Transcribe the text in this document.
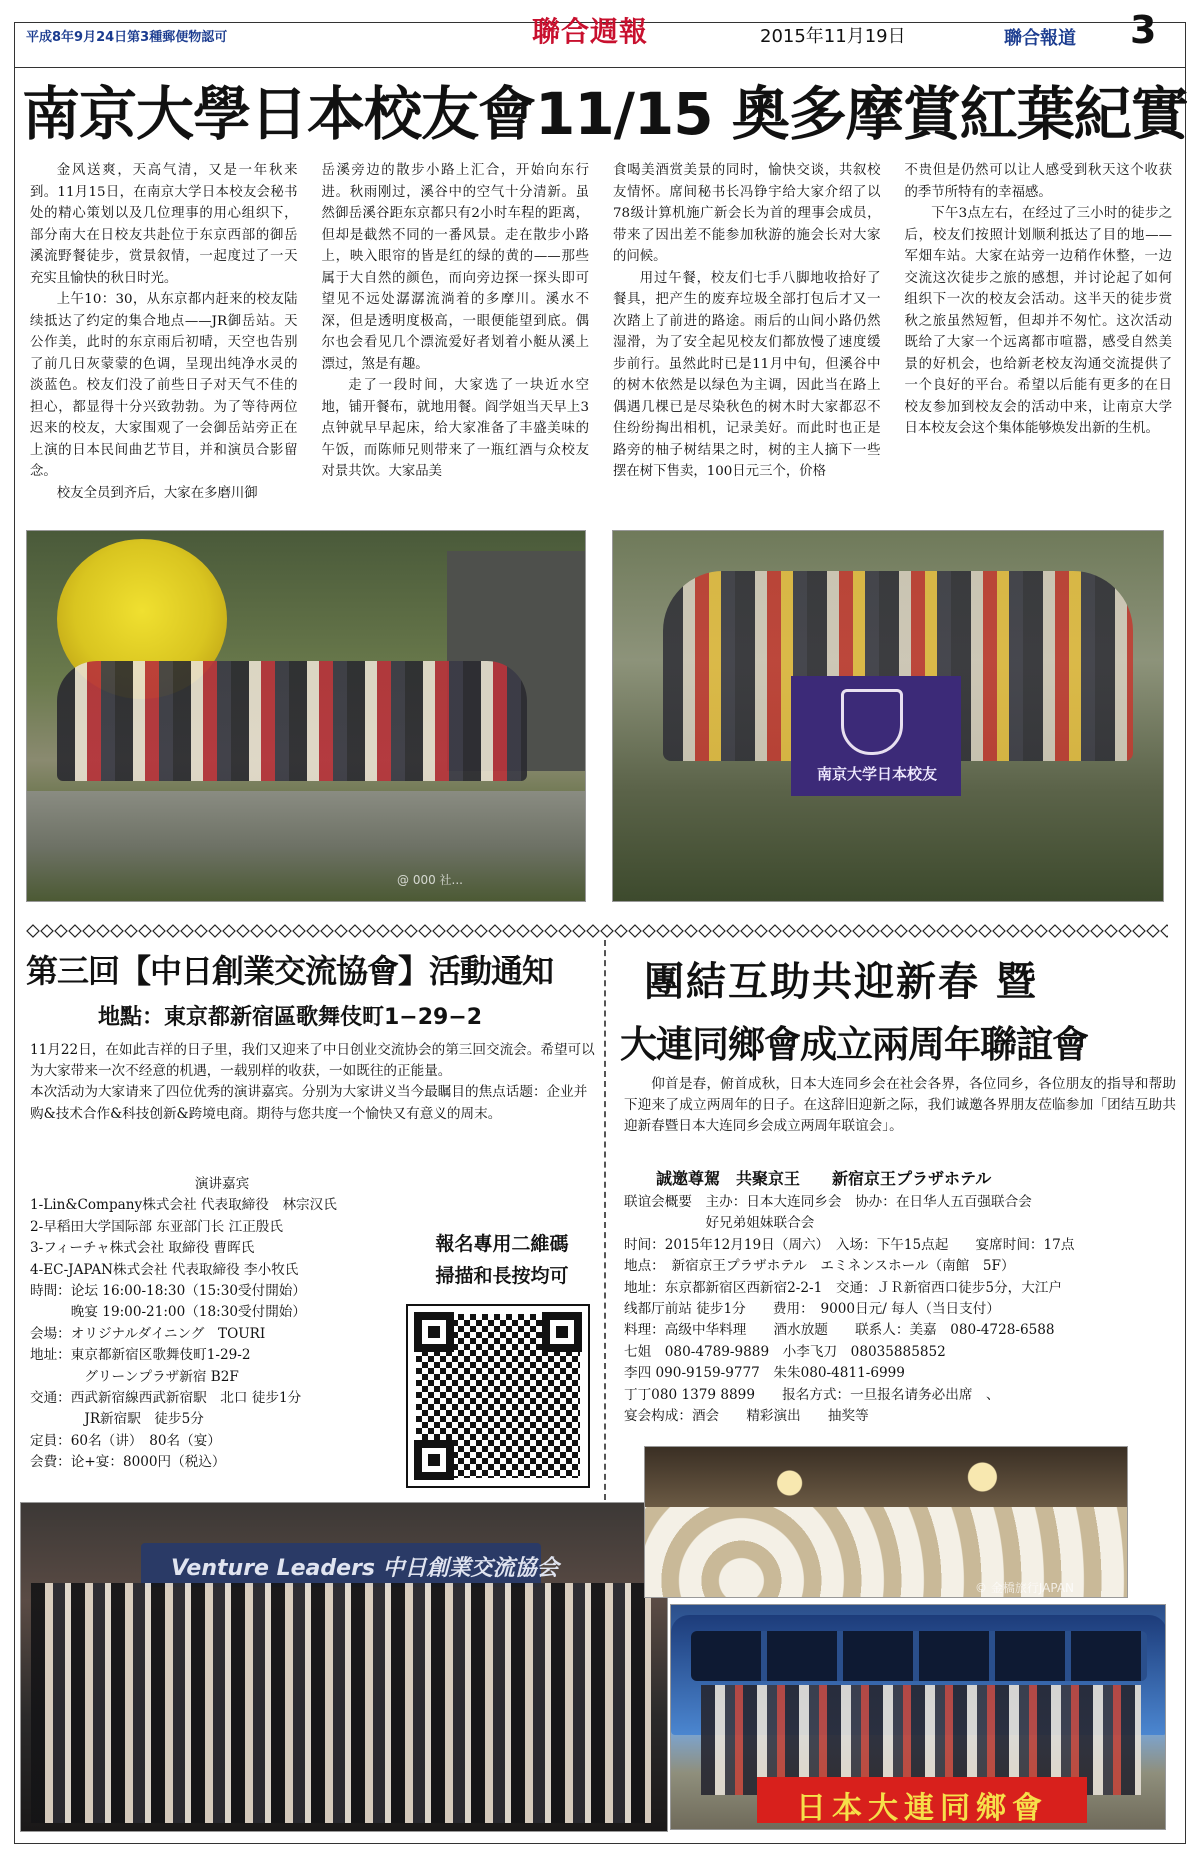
平成8年9月24日第3種郵便物認可	聯合週報	2015年11月19日	聯合報道 3
南京大學日本校友會11/15 奧多摩賞紅葉紀實

金风送爽，天高气清，又是一年秋来到。11月15日，在南京大学日本校友会秘书处的精心策划以及几位理事的用心组织下，部分南大在日校友共赴位于东京西部的御岳溪流野餐徒步，赏景叙情，一起度过了一天充实且愉快的秋日时光。

上午10：30，从东京都内赶来的校友陆续抵达了约定的集合地点——JR御岳站。天公作美，此时的东京雨后初晴，天空也告别了前几日灰蒙蒙的色调，呈现出纯净水灵的淡蓝色。校友们没了前些日子对天气不佳的担心，都显得十分兴致勃勃。为了等待两位迟来的校友，大家围观了一会御岳站旁正在上演的日本民间曲艺节目，并和演员合影留念。

校友全员到齐后，大家在多磨川御

岳溪旁边的散步小路上汇合，开始向东行进。秋雨刚过，溪谷中的空气十分清新。虽然御岳溪谷距东京都只有2小时车程的距离，但却是截然不同的一番风景。走在散步小路上，映入眼帘的皆是红的绿的黄的——那些属于大自然的颜色，而向旁边探一探头即可望见不远处潺潺流淌着的多摩川。溪水不深，但是透明度极高，一眼便能望到底。偶尔也会看见几个漂流爱好者划着小艇从溪上漂过，煞是有趣。

走了一段时间，大家选了一块近水空地，铺开餐布，就地用餐。阎学姐当天早上3点钟就早早起床，给大家准备了丰盛美味的午饭，而陈师兄则带来了一瓶红酒与众校友对景共饮。大家品美

食喝美酒赏美景的同时，愉快交谈，共叙校友情怀。席间秘书长冯铮宇给大家介绍了以78级计算机施广新会长为首的理事会成员，带来了因出差不能参加秋游的施会长对大家的问候。

用过午餐，校友们七手八脚地收拾好了餐具，把产生的废弃垃圾全部打包后才又一次踏上了前进的路途。雨后的山间小路仍然湿滑，为了安全起见校友们都放慢了速度缓步前行。虽然此时已是11月中旬，但溪谷中的树木依然是以绿色为主调，因此当在路上偶遇几棵已是尽染秋色的树木时大家都忍不住纷纷掏出相机，记录美好。而此时也正是路旁的柚子树结果之时，树的主人摘下一些摆在树下售卖，100日元三个，价格

不贵但是仍然可以让人感受到秋天这个收获的季节所特有的幸福感。

下午3点左右，在经过了三小时的徒步之后，校友们按照计划顺利抵达了目的地——军畑车站。大家在站旁一边稍作休整，一边交流这次徒步之旅的感想，并讨论起了如何组织下一次的校友会活动。这半天的徒步赏秋之旅虽然短暂，但却并不匆忙。这次活动既给了大家一个远离都市喧嚣，感受自然美景的好机会，也给新老校友沟通交流提供了一个良好的平台。希望以后能有更多的在日校友参加到校友会的活动中来，让南京大学日本校友会这个集体能够焕发出新的生机。

@ 000 社...
南京大学日本校友
第三回【中日創業交流協會】活動通知
地點：東京都新宿區歌舞伎町1−29−2

11月22日，在如此吉祥的日子里，我们又迎来了中日创业交流协会的第三回交流会。希望可以为大家带来一次不经意的机遇，一载别样的收获，一如既往的正能量。

本次活动为大家请来了四位优秀的演讲嘉宾。分别为大家讲义当今最瞩目的焦点话题：企业并购&技术合作&科技创新&跨境电商。期待与您共度一个愉快又有意义的周末。

演讲嘉宾
1-Lin&Company株式会社 代表取締役　林宗汉氏
2-早稻田大学国际部 东亚部门长 江正殷氏
3-フィーチャ株式会社 取締役 曹晖氏
4-EC-JAPAN株式会社 代表取締役 李小牧氏
時間：论坛 16:00-18:30（15:30受付開始）
　　　晚宴 19:00-21:00（18:30受付開始）
会場：オリジナルダイニング　TOURI
地址：東京都新宿区歌舞伎町1-29-2
　　　　グリーンプラザ新宿 B2F
交通：西武新宿線西武新宿駅　北口 徒步1分
　　　　JR新宿駅　徒步5分
定員：60名（讲）　80名（宴）
会費：论+宴：8000円（税込）
報名專用二維碼
掃描和長按均可
團結互助共迎新春 暨
大連同鄉會成立兩周年聯誼會

仰首是春，俯首成秋，日本大连同乡会在社会各界，各位同乡，各位朋友的指导和帮助下迎来了成立两周年的日子。在这辞旧迎新之际，我们诚邀各界朋友莅临参加「团结互助共迎新春暨日本大连同乡会成立两周年联谊会」。

誠邀尊駕　共聚京王　　新宿京王プラザホテル
联谊会概要　主办：日本大连同乡会　协办：在日华人五百强联合会
　　　　　　好兄弟姐妹联合会
时间：2015年12月19日（周六）　入场：下午15点起　　宴席时间：17点
地点：　新宿京王プラザホテル　エミネンスホール（南館　5F）
地址：东京都新宿区西新宿2-2-1　交通：ＪＲ新宿西口徒步5分，大江户
线都厅前站 徒步1分　　费用：　9000日元/ 每人（当日支付）
料理：高级中华料理　　酒水放题　　联系人：美嘉　080-4728-6588
七姐　080-4789-9889　小李飞刀　08035885852
李四 090-9159-9777　朱朱080-4811-6999
丁丁080 1379 8899　　报名方式：一旦报名请务必出席　、
宴会构成：酒会　　精彩演出　　抽奖等
Venture Leaders 中日創業交流協会
© 金橋旅行JAPAN
日本大連同鄉會
